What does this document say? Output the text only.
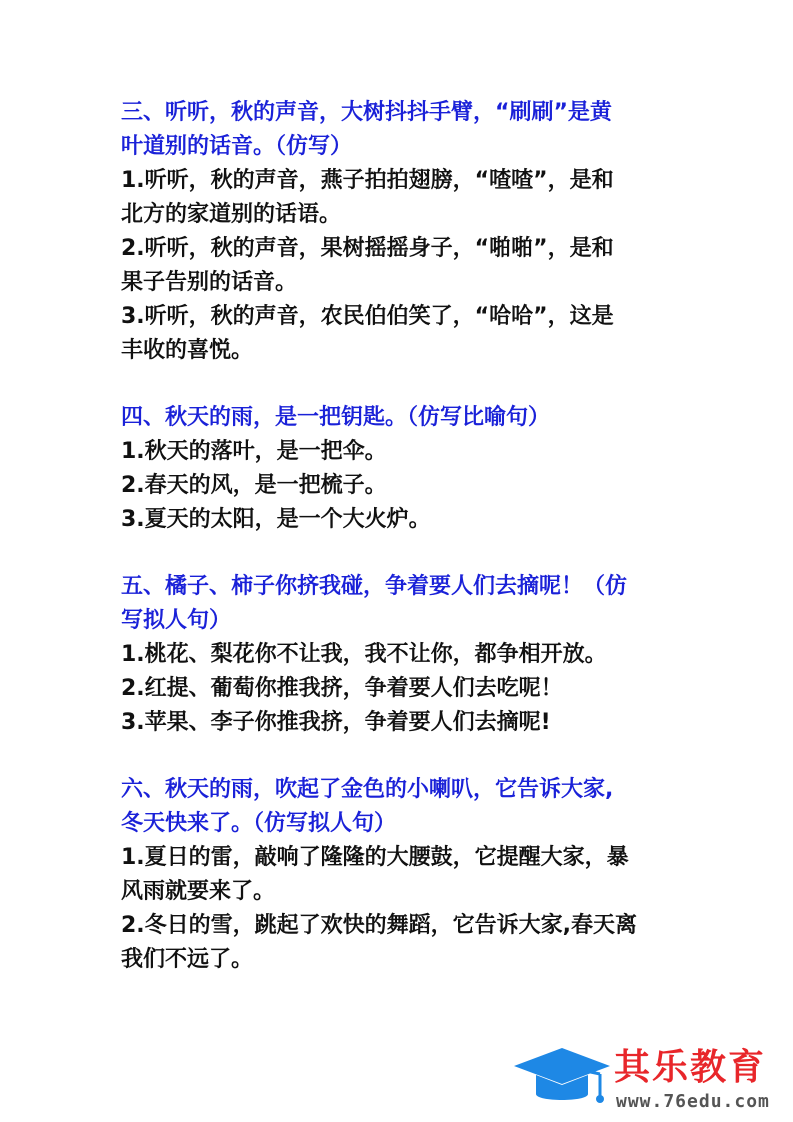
三、听听，秋的声音，大树抖抖手臂，“刷刷”是黄
叶道别的话音。（仿写）
1.听听，秋的声音，燕子拍拍翅膀，“喳喳”，是和
北方的家道别的话语。
2.听听，秋的声音，果树摇摇身子，“啪啪”，是和
果子告别的话音。
3.听听，秋的声音，农民伯伯笑了，“哈哈”，这是
丰收的喜悦。
四、秋天的雨，是一把钥匙。（仿写比喻句）
1.秋天的落叶，是一把伞。
2.春天的风，是一把梳子。
3.夏天的太阳，是一个大火炉。
五、橘子、柿子你挤我碰，争着要人们去摘呢！（仿
写拟人句）
1.桃花、梨花你不让我，我不让你，都争相开放。
2.红提、葡萄你推我挤，争着要人们去吃呢！
3.苹果、李子你推我挤，争着要人们去摘呢!
六、秋天的雨，吹起了金色的小喇叭，它告诉大家,
冬天快来了。（仿写拟人句）
1.夏日的雷，敲响了隆隆的大腰鼓，它提醒大家，暴
风雨就要来了。
2.冬日的雪，跳起了欢快的舞蹈，它告诉大家,春天离
我们不远了。
其乐教育
www.76edu.com
